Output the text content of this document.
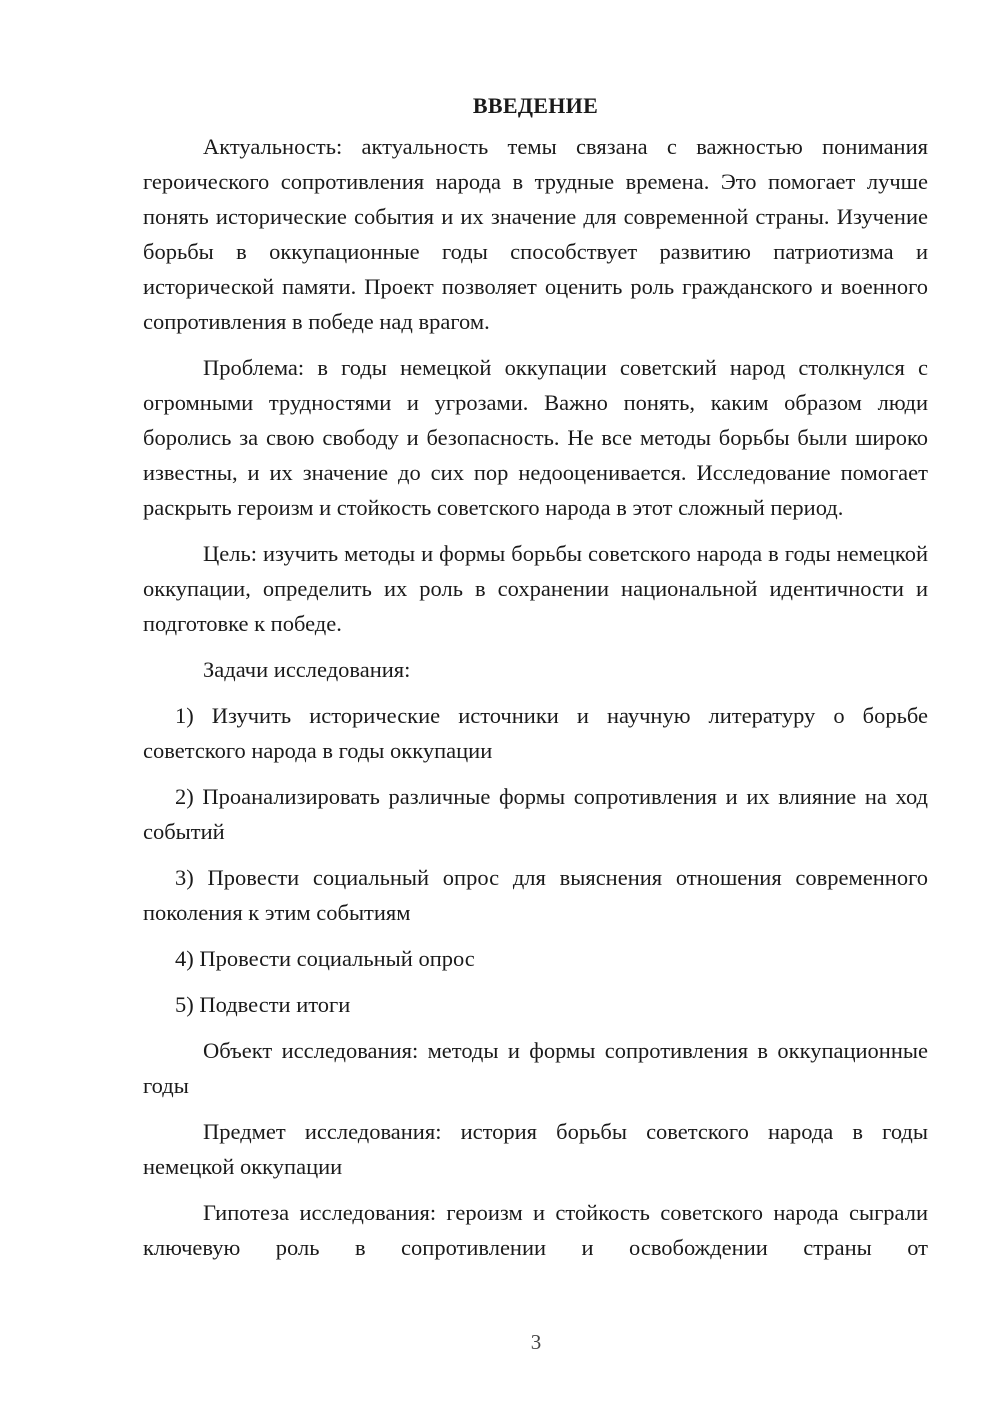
ВВЕДЕНИЕ

Актуальность: актуальность темы связана с важностью понимания героического сопротивления народа в трудные времена. Это помогает лучше понять исторические события и их значение для современной страны. Изучение борьбы в оккупационные годы способствует развитию патриотизма и исторической памяти. Проект позволяет оценить роль гражданского и военного сопротивления в победе над врагом.

Проблема: в годы немецкой оккупации советский народ столкнулся с огромными трудностями и угрозами. Важно понять, каким образом люди боролись за свою свободу и безопасность. Не все методы борьбы были широко известны, и их значение до сих пор недооценивается. Исследование помогает раскрыть героизм и стойкость советского народа в этот сложный период.

Цель: изучить методы и формы борьбы советского народа в годы немецкой оккупации, определить их роль в сохранении национальной идентичности и подготовке к победе.

Задачи исследования:

1) Изучить исторические источники и научную литературу о борьбе советского народа в годы оккупации

2) Проанализировать различные формы сопротивления и их влияние на ход событий

3) Провести социальный опрос для выяснения отношения современного поколения к этим событиям

4) Провести социальный опрос

5) Подвести итоги

Объект исследования: методы и формы сопротивления в оккупационные годы

Предмет исследования: история борьбы советского народа в годы немецкой оккупации

Гипотеза исследования: героизм и стойкость советского народа сыграли ключевую роль в сопротивлении и освобождении страны от

3
